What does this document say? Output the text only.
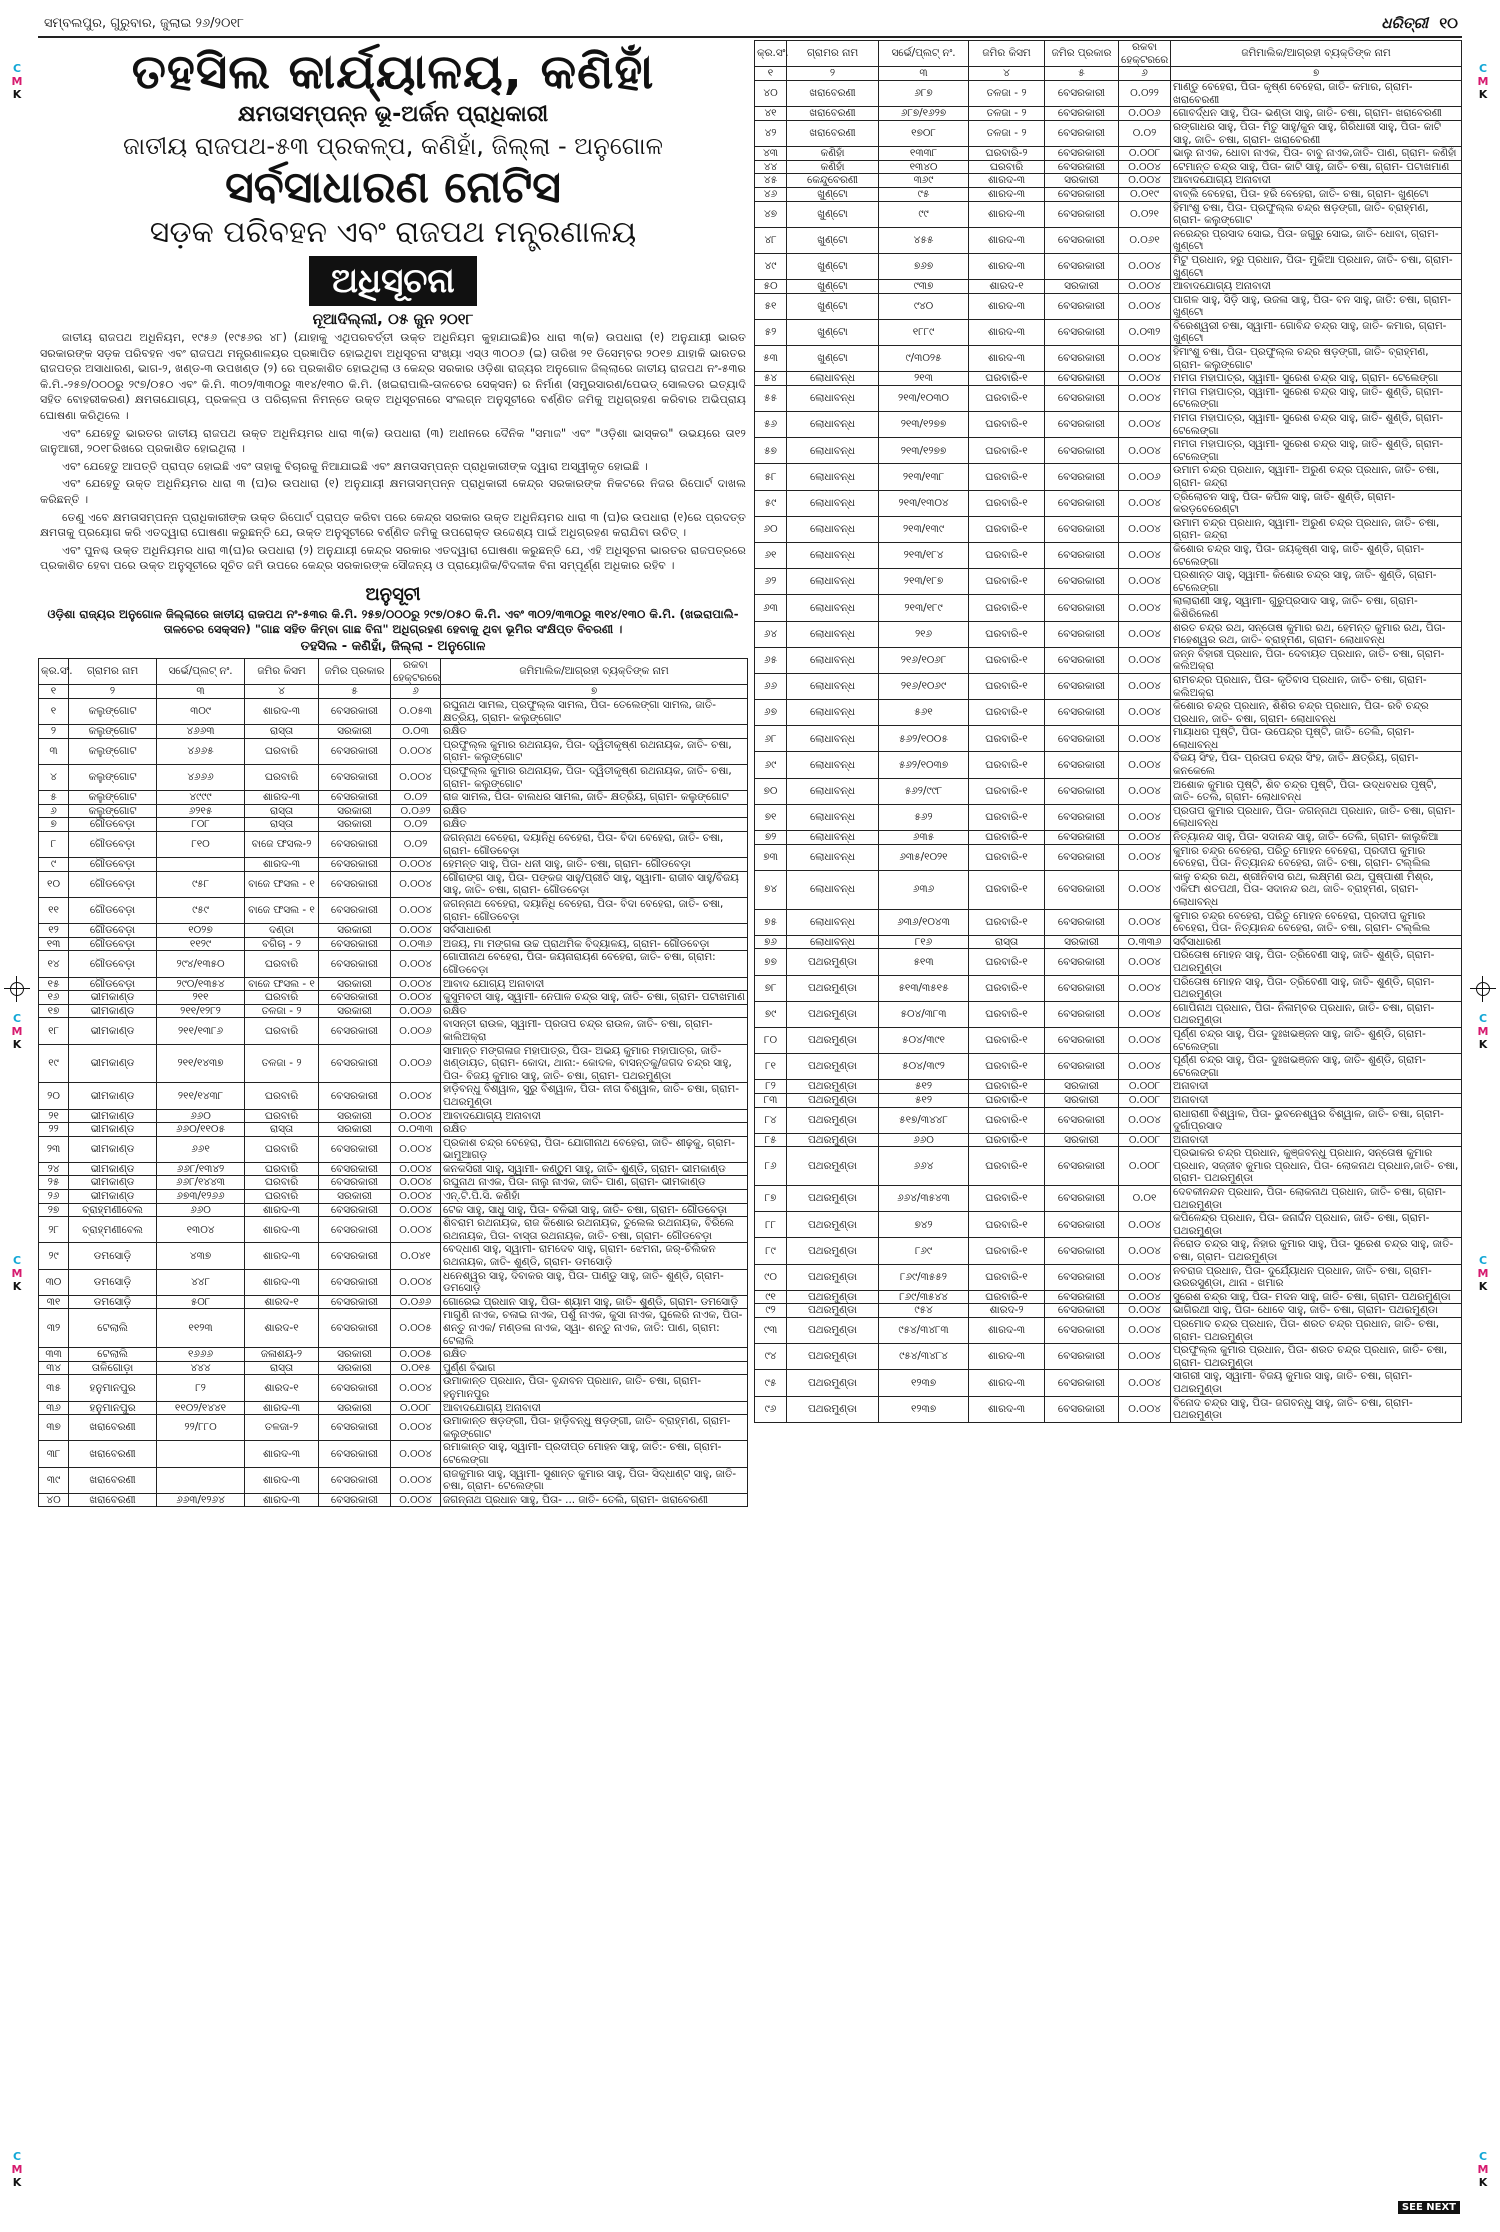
ସମ୍ବଲପୁର, ଗୁରୁବାର, ଜୁଲାଇ ୨୬/୨୦୧୮	ଧରିତ୍ରୀ ୧୦
ତହସିଲ କାର୍ଯ୍ୟାଳୟ, କଣିହାଁ
କ୍ଷମତାସମ୍ପନ୍ନ ଭୂ-ଅର୍ଜନ ପ୍ରାଧିକାରୀ
ଜାତୀୟ ରାଜପଥ-୫୩ ପ୍ରକଳ୍ପ, କଣିହାଁ, ଜିଲ୍ଲା - ଅନୁଗୋଳ
ସର୍ବସାଧାରଣ ନୋଟିସ
ସଡ଼କ ପରିବହନ ଏବଂ ରାଜପଥ ମନ୍ତ୍ରଣାଳୟ
ଅଧିସୂଚନା
ନୂଆଦିଲ୍ଲୀ, ୦୫ ଜୁନ ୨୦୧୮

ଜାତୀୟ ରାଜପଥ ଅଧିନିୟମ, ୧୯୫୬ (୧୯୫୬ର ୪୮) (ଯାହାକୁ ଏଥିପରବର୍ତ୍ତୀ ଉକ୍ତ ଅଧିନିୟମ କୁହାଯାଇଛି)ର ଧାରା ୩(କ) ଉପଧାରା (୧) ଅନୁଯାୟୀ ଭାରତ ସରକାରଙ୍କ ସଡ଼କ ପରିବହନ ଏବଂ ରାଜପଥ ମନ୍ତ୍ରଣାଳୟର ପ୍ରଜ୍ଞାପିତ ହୋଇଥିବା ଅଧିସୂଚନା ସଂଖ୍ୟା ଏସ୍ଓ ୩୦୦୬ (ଇ) ତାରିଖ ୨୧ ଡିସେମ୍ବର ୨୦୧୭ ଯାହାକି ଭାରତର ରାଜପତ୍ର ଅସାଧାରଣ, ଭାଗ-୨, ଖଣ୍ଡ-୩ ଉପଖଣ୍ଡ (୨) ରେ ପ୍ରକାଶିତ ହୋଇଥିଲା ଓ କେନ୍ଦ୍ର ସରକାର ଓଡ଼ିଶା ରାଜ୍ୟର ଅନୁଗୋଳ ଜିଲ୍ଲାରେ ଜାତୀୟ ରାଜପଥ ନଂ-୫୩ର କି.ମି.-୨୫୭/୦୦୦ରୁ ୨୯୭/୦୫୦ ଏବଂ କି.ମି. ୩୦୨/୩୩୦ରୁ ୩୧୪/୧୩୦ କି.ମି. (ଖଇରାପାଲି-ତାଳଚେର ସେକ୍ସନ) ର ନିର୍ମାଣ (ସମ୍ପ୍ରସାରଣ/ପେଭଡ୍ ସୋଲଡର ଇତ୍ୟାଦି ସହିତ ବୋହରୀକରଣ) କ୍ଷମତାଯୋଗ୍ୟ, ପ୍ରକଳ୍ପ ଓ ପରିଚାଳନା ନିମନ୍ତେ ଉକ୍ତ ଅଧିସୂଚନାରେ ସଂଲଗ୍ନ ଅନୁସୂଚୀରେ ବର୍ଣ୍ଣିତ ଜମିକୁ ଅଧିଗ୍ରହଣ କରିବାର ଅଭିପ୍ରାୟ ଘୋଷଣା କରିଥିଲେ ।

ଏବଂ ଯେହେତୁ ଭାରତର ଜାତୀୟ ରାଜପଥ ଉକ୍ତ ଅଧିନିୟମର ଧାରା ୩(କ) ଉପଧାରା (୩) ଅଧୀନରେ ଦୈନିକ "ସମାଜ" ଏବଂ "ଓଡ଼ିଶା ଭାସ୍କର" ଉଭୟରେ ତା୧୨ ଜାନୁଆରୀ, ୨୦୧୮ରିଖରେ ପ୍ରକାଶିତ ହୋଇଥିଲା ।

ଏବଂ ଯେହେତୁ ଆପତ୍ତି ପ୍ରାପ୍ତ ହୋଇଛି ଏବଂ ତାହାକୁ ବିଚାରକୁ ନିଆଯାଇଛି ଏବଂ କ୍ଷମତାସମ୍ପନ୍ନ ପ୍ରାଧିକାରୀଙ୍କ ଦ୍ୱାରା ଅସ୍ୱୀକୃତ ହୋଇଛି ।

ଏବଂ ଯେହେତୁ ଉକ୍ତ ଅଧିନିୟମର ଧାରା ୩ (ଘ)ର ଉପଧାରା (୧) ଅନୁଯାୟୀ କ୍ଷମତାସମ୍ପନ୍ନ ପ୍ରାଧିକାରୀ କେନ୍ଦ୍ର ସରକାରଙ୍କ ନିକଟରେ ନିଜର ରିପୋର୍ଟ ଦାଖଲ କରିଛନ୍ତି ।

ତେଣୁ ଏବେ କ୍ଷମତାସମ୍ପନ୍ନ ପ୍ରାଧିକାରୀଙ୍କ ଉକ୍ତ ରିପୋର୍ଟ ପ୍ରାପ୍ତ କରିବା ପରେ କେନ୍ଦ୍ର ସରକାର ଉକ୍ତ ଅଧିନିୟମର ଧାରା ୩ (ଘ)ର ଉପଧାରା (୧)ରେ ପ୍ରଦତ୍ତ କ୍ଷମତାକୁ ପ୍ରୟୋଗ କରି ଏତଦ୍ୱାରା ଘୋଷଣା କରୁଛନ୍ତି ଯେ, ଉକ୍ତ ଅନୁସୂଚୀରେ ବର୍ଣ୍ଣିତ ଜମିକୁ ଉପରୋକ୍ତ ଉଦ୍ଦେଶ୍ୟ ପାଇଁ ଅଧିଗ୍ରହଣ କରାଯିବା ଉଚିତ୍ ।

ଏବଂ ପୁନଶ୍ଚ ଉକ୍ତ ଅଧିନିୟମର ଧାରା ୩(ଘ)ର ଉପଧାରା (୨) ଅନୁଯାୟୀ କେନ୍ଦ୍ର ସରକାର ଏତଦ୍ୱାରା ଘୋଷଣା କରୁଛନ୍ତି ଯେ, ଏହି ଅଧିସୂଚନା ଭାରତର ରାଜପତ୍ରରେ ପ୍ରକାଶିତ ହେବା ପରେ ଉକ୍ତ ଅନୁସୂଚୀରେ ସୂଚିତ ଜମି ଉପରେ କେନ୍ଦ୍ର ସରକାରଙ୍କ ସୌଜନ୍ୟ ଓ ପ୍ରାୟୋଜିକ/ବିଦଳୀକ ବିନା ସମ୍ପୂର୍ଣ୍ଣ ଅଧିକାର ରହିବ ।

ଅନୁସୂଚୀ
ଓଡ଼ିଶା ରାଜ୍ୟର ଅନୁଗୋଳ ଜିଲ୍ଲାରେ ଜାତୀୟ ରାଜପଥ ନଂ-୫୩ର କି.ମି. ୨୫୭/୦୦୦ରୁ ୨୯୭/୦୫୦ କି.ମି. ଏବଂ ୩୦୨/୩୩୦ରୁ ୩୧୪/୧୩୦ କି.ମି. (ଖଇରାପାଲି-ତାଳଚେର ସେକ୍ସନ) "ଗାଛ ସହିତ କିମ୍ବା ଗାଛ ବିନା" ଅଧିଗ୍ରହଣ ହେବାକୁ ଥିବା ଭୂମିର ସଂକ୍ଷିପ୍ତ ବିବରଣୀ ।
ତହସିଲ - କଣିହାଁ, ଜିଲ୍ଲା - ଅନୁଗୋଳ
କ୍ର.ସଂ.	ଗ୍ରାମର ନାମ	ସର୍ଭେ/ପ୍ଲଟ୍ ନଂ.	ଜମିର କିସମ	ଜମିର ପ୍ରକାର	ରକବା ହେକ୍ଟରରେ	ଜମିମାଲିକ/ଆଗ୍ରହୀ ବ୍ୟକ୍ତିଙ୍କ ନାମ
୧	୨	୩	୪	୫	୬	୭
୧	କଲୁଙ୍ଗୋଟ	୩୦୯	ଶାରଦ-୩	ବେସରକାରୀ	୦.୦୫୩	ରଘୁନାଥ ସାମଲ, ପ୍ରଫୁଲ୍ଲ ସାମଲ, ପିତା- ତେଲେଙ୍ଗା ସାମଲ, ଜାତି- କ୍ଷତ୍ରିୟ, ଗ୍ରାମ- କଲୁଙ୍ଗୋଟ
୨	କଲୁଙ୍ଗୋଟ	୪୬୬୩	ରାସ୍ତା	ସରକାରୀ	୦.୦୩	ରକ୍ଷିତ
୩	କଲୁଙ୍ଗୋଟ	୪୬୬୫	ଘରବାରି	ବେସରକାରୀ	୦.୦୦୪	ପ୍ରଫୁଲ୍ଲ କୁମାର ରଥନାୟକ, ପିତା- ଦ୍ୱିତୀକୃଷ୍ଣ ରଥନାୟକ, ଜାତି- ଚଷା, ଗ୍ରାମ- କଲୁଙ୍ଗୋଟ
୪	କଲୁଙ୍ଗୋଟ	୪୬୬୬	ଘରବାରି	ବେସରକାରୀ	୦.୦୦୪	ପ୍ରଫୁଲ୍ଲ କୁମାର ରଥନାୟକ, ପିତା- ଦ୍ୱିତୀକୃଷ୍ଣ ରଥନାୟକ, ଜାତି- ଚଷା, ଗ୍ରାମ- କଲୁଙ୍ଗୋଟ
୫	କଲୁଙ୍ଗୋଟ	୪୯୯୯	ଶାରଦ-୩	ବେସରକାରୀ	୦.୦୨	ରାଜ ସାମଲ, ପିତା- ବାଲଧର ସାମଲ, ଜାତି- କ୍ଷତ୍ରିୟ, ଗ୍ରାମ- କଲୁଙ୍ଗୋଟ
୬	କଲୁଙ୍ଗୋଟ	୬୨୧୫	ରାସ୍ତା	ସରକାରୀ	୦.୦୬୨	ରକ୍ଷିତ
୭	ଗୌଡବେଡ଼ା	୮୦୮	ରାସ୍ତା	ସରକାରୀ	୦.୦୨	ରକ୍ଷିତ
୮	ଗୌଡବେଡ଼ା	୮୧୦	ବାଜେ ଫସଲ-୨	ବେସରକାରୀ	୦.୦୨	ଜଗନ୍ନାଥ ବେହେରା, ଦୟାନିଧି ବେହେରା, ପିତା- ବିଦା ବେହେରା, ଜାତି- ଚଷା, ଗ୍ରାମ- ଗୌଡବେଡ଼ା
୯	ଗୌଡବେଡ଼ା		ଶାରଦ-୩	ବେସରକାରୀ	୦.୦୦୪	ହେମନ୍ତ ସାହୁ, ପିତା- ଧନୀ ସାହୁ, ଜାତି- ଚଷା, ଗ୍ରାମ- ଗୌଡବେଡ଼ା
୧୦	ଗୌଡବେଡ଼ା	୯୫୮	ବାଜେ ଫସଲ - ୧	ବେସରକାରୀ	୦.୦୦୪	ଗୌରାଙ୍ଗ ସାହୁ, ପିତା- ପଙ୍କଜ ସାହୁ/ପ୍ରୀତି ସାହୁ, ସ୍ୱାମୀ- ରାଜୀବ ସାହୁ/ବିଜୟ ସାହୁ, ଜାତି- ଚଷା, ଗ୍ରାମ- ଗୌଡବେଡ଼ା
୧୧	ଗୌଡବେଡ଼ା	୯୫୯	ବାଜେ ଫସଲ - ୧	ବେସରକାରୀ	୦.୦୦୪	ଜଗନ୍ନାଥ ବେହେରା, ଦୟାନିଧି ବେହେରା, ପିତା- ବିଦା ବେହେରା, ଜାତି- ଚଷା, ଗ୍ରାମ- ଗୌଡବେଡ଼ା
୧୨	ଗୌଡବେଡ଼ା	୧୦୨୭	ଦଣ୍ଡା	ସରକାରୀ	୦.୦୦୪	ସର୍ବସାଧାରଣ
୧୩	ଗୌଡବେଡ଼ା	୧୧୨୯	ବଗିଚା - ୨	ବେସରକାରୀ	୦.୦୩୬	ଅଜୟ, ମା ମଙ୍ଗଳା ଉଚ୍ଚ ପ୍ରାଥମିକ ବିଦ୍ୟାଳୟ, ଗ୍ରାମ- ଗୌଡବେଡ଼ା
୧୪	ଗୌଡବେଡ଼ା	୨୯୪/୧୩୫୦	ଘରବାରି	ବେସରକାରୀ	୦.୦୦୪	ଗୋପୀନାଥ ବେହେରା, ପିତା- ଜୟନାରାୟଣ ବେହେରା, ଜାତି- ଚଷା, ଗ୍ରାମ: ଗୌଡବେଡ଼ା
୧୫	ଗୌଡବେଡ଼ା	୨୯୦/୧୩୫୪	ବାଜେ ଫସଲ - ୧	ସରକାରୀ	୦.୦୦୪	ଆବାଦ ଯୋଗ୍ୟ ଅନାବାଦୀ
୧୬	ଭୀମକାଣ୍ଡ	୨୧୧	ଘରବାରି	ବେସରକାରୀ	୦.୦୦୪	କୁସୁମବତୀ ସାହୁ, ସ୍ୱାମୀ- ନେପାଳ ଚନ୍ଦ୍ର ସାହୁ, ଜାତି- ଚଷା, ଗ୍ରାମ- ପଟାଖମାଣ
୧୭	ଭୀମକାଣ୍ଡ	୨୧୧/୧୨୮୨	ତଳଜା - ୨	ସରକାରୀ	୦.୦୦୬	ରକ୍ଷିତ
୧୮	ଭୀମକାଣ୍ଡ	୨୧୧/୧୩୮୬	ଘରବାରି	ବେସରକାରୀ	୦.୦୦୬	ବାସନ୍ତୀ ରାଉଳ, ସ୍ୱାମୀ- ପ୍ରତାପ ଚନ୍ଦ୍ର ରାଉଳ, ଜାତି- ଚଷା, ଗ୍ରାମ- କାଲିଅକ୍ରା
୧୯	ଭୀମକାଣ୍ଡ	୨୧୧/୧୪୩୭	ତଳଜା - ୨	ବେସରକାରୀ	୦.୦୦୬	ସାମାନ୍ତ ମଙ୍ଗଳାଜ ମହାପାତ୍ର, ପିତା- ଅଭୟ କୁମାର ମହାପାତ୍ର, ଜାତି- ଖଣ୍ଡାୟତ, ଗ୍ରାମ- କୋଦା, ଥାନା:- କୋଦଳ, ବାସନ୍ତକୁ/ଜଗଦ ଚନ୍ଦ୍ର ସାହୁ, ପିତା- ବିଜୟ କୁମାର ସାହୁ, ଜାତି- ଚଷା, ଗ୍ରାମ- ପଥରମୁଣ୍ଡା
୨୦	ଭୀମକାଣ୍ଡ	୨୧୧/୧୪୩୮	ଘରବାରି	ବେସରକାରୀ	୦.୦୦୪	ହାଡ଼ିବନ୍ଧୁ ବିଶ୍ୱାଳ, ସୁରୁ ବିଶ୍ୱାଳ, ପିତା- ନୀତା ବିଶ୍ୱାଳ, ଜାତି- ଚଷା, ଗ୍ରାମ- ପଥରମୁଣ୍ଡା
୨୧	ଭୀମକାଣ୍ଡ	୬୬୦	ଘରବାରି	ସରକାରୀ	୦.୦୦୪	ଆବାଦଯୋଗ୍ୟ ଅନାବାଦୀ
୨୨	ଭୀମକାଣ୍ଡ	୬୬୦/୧୧୦୫	ରାସ୍ତା	ସରକାରୀ	୦.୦୩୩	ରକ୍ଷିତ
୨୩	ଭୀମକାଣ୍ଡ	୬୬୧	ଘରବାରି	ବେସରକାରୀ	୦.୦୦୪	ପ୍ରକାଶ ଚନ୍ଦ୍ର ବେହେରା, ପିତା- ଯୋଗୀନାଥ ବେହେରା, ଜାତି- ଶୀଢ଼କୁ, ଗ୍ରାମ- ଭାମୁଆଗଡ଼
୨୪	ଭୀମକାଣ୍ଡ	୬୬୮/୧୩୪୨	ଘରବାରି	ବେସରକାରୀ	୦.୦୦୪	କନକସିରୀ ସାହୁ, ସ୍ୱାମୀ- କଣ୍ଠୁମ ସାହୁ, ଜାତି- ଶୁଣ୍ଡି, ଗ୍ରାମ- ଭୀମକାଣ୍ଡ
୨୫	ଭୀମକାଣ୍ଡ	୬୬୮/୧୪୪୩	ଘରବାରି	ବେସରକାରୀ	୦.୦୦୪	ରଘୁନାଥ ନାଏକ, ପିତା- ନାଲୁ ନାଏକ, ଜାତି- ପାଣ, ଗ୍ରାମ- ଭୀମକାଣ୍ଡ
୨୬	ଭୀମକାଣ୍ଡ	୬୭୩/୧୨୬୬	ଘରବାରି	ସରକାରୀ	୦.୦୦୪	ଏନ୍.ଟି.ପି.ସି. କଣିହାଁ
୨୭	ବ୍ରାହ୍ମଣୀବେଲ	୬୬୦	ଶାରଦ-୩	ବେସରକାରୀ	୦.୦୦୪	ଟେକ ସାହୁ, ସାଧୁ ସାହୁ, ପିତା- ବଳିଭୀ ସାହୁ, ଜାତି- ଚଷା, ଗ୍ରାମ- ଗୌଡବେଡ଼ା
୨୮	ବ୍ରାହ୍ମଣୀବେଲ	୧୩୦୪	ଶାରଦ-୩	ବେସରକାରୀ	୦.୦୦୪	ଶିବରାମ ରଥନାୟକ, ରାଜ କିଶୋର ରଥନାୟକ, ତୁଲେଲ ରଥନାୟକ, ବିରିଲେ ରଥନାୟକ, ପିତା- ବାସ୍ତା ରଥନାୟକ, ଜାତି- ଚଷା, ଗ୍ରାମ- ଗୌଡବେଡ଼ା
୨୯	ଡମସୋଡ଼ି	୪୩୭	ଶାରଦ-୩	ବେସରକାରୀ	୦.୦୪୧	ବେଦ୍ଧାଣ ସାହୁ, ସ୍ୱାମୀ- ରାମଦେବ ସାହୁ, ଗ୍ରାମ- ଝେମନା, ଜର୍-ଚିଲିକନ ରଥନାୟକ, ଜାତି- ଶୁଣ୍ଡି, ଗ୍ରାମ- ଡମସୋଡ଼ି
୩୦	ଡମସୋଡ଼ି	୪୪୮	ଶାରଦ-୩	ବେସରକାରୀ	୦.୦୦୪	ଧନେଶ୍ୱର ସାହୁ, ଦିବାକର ସାହୁ, ପିତା- ପାଣ୍ଡୁ ସାହୁ, ଜାତି- ଶୁଣ୍ଡି, ଗ୍ରାମ- ଡମସୋଡ଼ି
୩୧	ଡମସୋଡ଼ି	୫୦୮	ଶାରଦ-୧	ବେସରକାରୀ	୦.୦୬୬	ଗୋରେଇ ପ୍ରଧାନ ସାହୁ, ପିତା- ଶ୍ୟାମ ସାହୁ, ଜାତି- ଶୁଣ୍ଡି, ଗ୍ରାମ- ଡମସୋଡ଼ି
୩୨	ଟେଲାଲି	୧୧୨୩	ଶାରଦ-୧	ବେସରକାରୀ	୦.୦୦୫	ମାଗୁଣି ନାଏକ, ଚଳାଇ ନାଏକ, ପର୍ଶୁ ନାଏକ, କୁସା ନାଏକ, ଘୁଲେରି ନାଏକ, ପିତା- ଶନ୍ତୁ ନାଏକ/ ମଣ୍ଡଳା ନାଏକ, ସ୍ୱା- ଶନ୍ତୁ ନାଏକ, ଜାତି: ପାଣ, ଗ୍ରାମ: ଟେଲାଲି
୩୩	ଟେଲାଲି	୧୬୬୬	ଜଳାଶୟ-୨	ସରକାରୀ	୦.୦୦୫	ରକ୍ଷିତ
୩୪	ତାଳିଗୋଡ଼ା	୪୪୪	ରାସ୍ତା	ସରକାରୀ	୦.୦୧୫	ପୁର୍ଣ୍ଣ ବିଭାଗ
୩୫	ହନୁମାନପୁର	୮୨	ଶାରଦ-୧	ବେସରକାରୀ	୦.୦୦୪	ଉମାକାନ୍ତ ପ୍ରଧାନ, ପିତା- ବୃନ୍ଦାବନ ପ୍ରଧାନ, ଜାତି- ଚଷା, ଗ୍ରାମ- ହନୁମାନପୁର
୩୬	ହନୁମାନପୁର	୧୧୦୨/୧୪୪୧	ଶାରଦ-୩	ସରକାରୀ	୦.୦୦୮	ଆବାଦଯୋଗ୍ୟ ଅନାବାଦୀ
୩୭	ଖରାବେରଣୀ	୨୨/୮୮୦	ତଳଜା-୨	ବେସରକାରୀ	୦.୦୦୪	ଉମାକାନ୍ତ ଷଡ଼ଙ୍ଗୀ, ପିତା- ହାଡ଼ିବନ୍ଧୁ ଷଡ଼ଙ୍ଗୀ, ଜାତି- ବ୍ରାହ୍ମଣ, ଗ୍ରାମ- କଲୁଙ୍ଗୋଟ
୩୮	ଖରାବେରଣୀ		ଶାରଦ-୩	ବେସରକାରୀ	୦.୦୦୪	ରମାକାନ୍ତ ସାହୁ, ସ୍ୱାମୀ- ପ୍ରଦୀପ୍ତ ମୋହନ ସାହୁ, ଜାତି:- ଚଷା, ଗ୍ରାମ- ଟେଲେଙ୍ଗା
୩୯	ଖରାବେରଣୀ		ଶାରଦ-୩	ବେସରକାରୀ	୦.୦୦୪	ରାଜକୁମାର ସାହୁ, ସ୍ୱାମୀ- ସୁଶାନ୍ତ କୁମାର ସାହୁ, ପିତା- ସିଦ୍ଧାଣ୍ଟ ସାହୁ, ଜାତି- ଚଷା, ଗ୍ରାମ- ଟେଲେଙ୍ଗା
୪୦	ଖରାବେରଣୀ	୬୬୩/୧୨୬୪	ଶାରଦ-୩	ବେସରକାରୀ	୦.୦୦୪	ଜଗନ୍ନାଥ ପ୍ରଧାନ ସାହୁ, ପିତା- ... ଜାତି- ତେଲି, ଗ୍ରାମ- ଖରାବେରଣୀ
କ୍ର.ସଂ.	ଗ୍ରାମର ନାମ	ସର୍ଭେ/ପ୍ଲଟ୍ ନଂ.	ଜମିର କିସମ	ଜମିର ପ୍ରକାର	ରକବା ହେକ୍ଟରରେ	ଜମିମାଲିକ/ଆଗ୍ରହୀ ବ୍ୟକ୍ତିଙ୍କ ନାମ
୧	୨	୩	୪	୫	୬	୭
୪୦	ଖରାବେରଣୀ	୬୮୭	ତଳଜା - ୨	ବେସରକାରୀ	୦.୦୨୨	ମାଣ୍ଡୁ ବେହେରା, ପିତା- କୃଷ୍ଣ ବେହେରା, ଜାତି- କମାର, ଗ୍ରାମ- ଖରାବେରଣୀ
୪୧	ଖରାବେରଣୀ	୬୮୭/୧୬୨୭	ତଳଜା - ୨	ବେସରକାରୀ	୦.୦୦୬	ଗୋବର୍ଦ୍ଧନ ସାହୁ, ପିତା- ଭଣ୍ଡା ସାହୁ, ଜାତି- ଚଷା, ଗ୍ରାମ- ଖରାବେରଣୀ
୪୨	ଖରାବେରଣୀ	୧୭୦୮	ତଳଜା - ୨	ବେସରକାରୀ	୦.୦୨	ରଙ୍ଗାଧର ସାହୁ, ପିତା- ମିତୁ ସାହୁ/କୁନ ସାହୁ, ଗିରିଧାରୀ ସାହୁ, ପିତା- କାଟି ସାହୁ, ଜାତି- ଚଷା, ଗ୍ରାମ- ଖରାବେରଣୀ
୪୩	କଣିହାଁ	୧୩୩୮	ଘରବାରି-୨	ବେସରକାରୀ	୦.୦୦୮	ଭାଲୁ ନାଏକ, ଧୋବା ନାଏକ, ପିତା- ବାବୁ ନାଏକ,ଜାତି- ପାଣ, ଗ୍ରାମ- କଣିହାଁ
୪୪	କଣିହାଁ	୧୩୪୦	ଘରବାରି	ବେସରକାରୀ	୦.୦୦୪	ଟେମାନ୍ତ ଚନ୍ଦ୍ର ସାହୁ, ପିତା- କାଟି ସାହୁ, ଜାତି- ଚଷା, ଗ୍ରାମ- ପଟାଖମାଣ
୪୫	କେନ୍ଦୁବେରଣୀ	୩୬୯	ଶାରଦ-୩	ସରକାରୀ	୦.୦୦୪	ଆବାଦଯୋଗ୍ୟ ଅନାବାଦୀ
୪୬	ଖୁଣ୍ଟୋ	୯୫	ଶାରଦ-୩	ବେସରକାରୀ	୦.୦୧୯	ବାବ୍ଲି ବେହେରା, ପିତା- ହରି ବେହେରା, ଜାତି- ଚଷା, ଗ୍ରାମ- ଖୁଣ୍ଟୋ
୪୭	ଖୁଣ୍ଟୋ	୯୯	ଶାରଦ-୩	ବେସରକାରୀ	୦.୦୨୧	ହିମାଂଶୁ ଚଷା, ପିତା- ପ୍ରଫୁଲ୍ଲ ଚନ୍ଦ୍ର ଷଡ଼ଙ୍ଗୀ, ଜାତି- ବ୍ରାହ୍ମଣ, ଗ୍ରାମ- କଲୁଙ୍ଗୋଟ
୪୮	ଖୁଣ୍ଟୋ	୪୫୫	ଶାରଦ-୩	ବେସରକାରୀ	୦.୦୬୧	ନରେନ୍ଦ୍ର ପ୍ରସାଦ ସୋଇ, ପିତା- ଜଗୁରୁ ସୋଇ, ଜାତି- ଧୋବା, ଗ୍ରାମ- ଖୁଣ୍ଟୋ
୪୯	ଖୁଣ୍ଟୋ	୭୬୭	ଶାରଦ-୩	ବେସରକାରୀ	୦.୦୦୪	ମିଟୁ ପ୍ରଧାନ, ହରୁ ପ୍ରଧାନ, ପିତା- ମୁକିଆ ପ୍ରଧାନ, ଜାତି- ଚଷା, ଗ୍ରାମ- ଖୁଣ୍ଟୋ
୫୦	ଖୁଣ୍ଟୋ	୯୩୭	ଶାରଦ-୧	ସରକାରୀ	୦.୦୦୪	ଆବାଦଯୋଗ୍ୟ ଅନାବାଦୀ
୫୧	ଖୁଣ୍ଟୋ	୯୪୦	ଶାରଦ-୩	ବେସରକାରୀ	୦.୦୦୪	ପାଗଳ ସାହୁ, ସିଡ଼ି ସାହୁ, ଉଜଳା ସାହୁ, ପିତା- ବନ ସାହୁ, ଜାତି: ଚଷା, ଗ୍ରାମ- ଖୁଣ୍ଟୋ
୫୨	ଖୁଣ୍ଟୋ	୧୮୮୯	ଶାରଦ-୩	ବେସରକାରୀ	୦.୦୩୨	ବିରେଶ୍ୱରୀ ଚଷା, ସ୍ୱାମୀ- ଗୋବିନ୍ଦ ଚନ୍ଦ୍ର ସାହୁ, ଜାତି- କମାର, ଗ୍ରାମ- ଖୁଣ୍ଟୋ
୫୩	ଖୁଣ୍ଟୋ	୯/୩୦୨୫	ଶାରଦ-୩	ବେସରକାରୀ	୦.୦୦୪	ହିମାଂଶୁ ଚଷା, ପିତା- ପ୍ରଫୁଲ୍ଲ ଚନ୍ଦ୍ର ଷଡ଼ଙ୍ଗୀ, ଜାତି- ବ୍ରାହ୍ମଣ, ଗ୍ରାମ- କଲୁଙ୍ଗୋଟ
୫୪	ଲୋଧାବନ୍ଧ	୨୧୩	ଘରବାରି-୧	ବେସରକାରୀ	୦.୦୦୪	ମମତା ମହାପାତ୍ର, ସ୍ୱାମୀ- ସୁରେଶ ଚନ୍ଦ୍ର ସାହୁ, ଗ୍ରାମ- ଟେଲେଙ୍ଗା
୫୫	ଲୋଧାବନ୍ଧ	୨୧୩/୧୦୩୦	ଘରବାରି-୧	ବେସରକାରୀ	୦.୦୦୪	ମମତା ମହାପାତ୍ର, ସ୍ୱାମୀ- ସୁରେଶ ଚନ୍ଦ୍ର ସାହୁ, ଜାତି- ଶୁଣ୍ଡି, ଗ୍ରାମ- ଟେଲେଙ୍ଗା
୫୬	ଲୋଧାବନ୍ଧ	୨୧୩/୧୨୭୭	ଘରବାରି-୧	ବେସରକାରୀ	୦.୦୦୪	ମମତା ମହାପାତ୍ର, ସ୍ୱାମୀ- ସୁରେଶ ଚନ୍ଦ୍ର ସାହୁ, ଜାତି- ଶୁଣ୍ଡି, ଗ୍ରାମ- ଟେଲେଙ୍ଗା
୫୭	ଲୋଧାବନ୍ଧ	୨୧୩/୧୨୭୭	ଘରବାରି-୧	ବେସରକାରୀ	୦.୦୦୪	ମମତା ମହାପାତ୍ର, ସ୍ୱାମୀ- ସୁରେଶ ଚନ୍ଦ୍ର ସାହୁ, ଜାତି- ଶୁଣ୍ଡି, ଗ୍ରାମ- ଟେଲେଙ୍ଗା
୫୮	ଲୋଧାବନ୍ଧ	୨୧୩/୧୩୮	ଘରବାରି-୧	ବେସରକାରୀ	୦.୦୦୬	ଉମାମ ଚନ୍ଦ୍ର ପ୍ରଧାନ, ସ୍ୱାମୀ- ଅରୁଣ ଚନ୍ଦ୍ର ପ୍ରଧାନ, ଜାତି- ଚଷା, ଗ୍ରାମ- ଜନ୍ଦ୍ରା
୫୯	ଲୋଧାବନ୍ଧ	୨୧୩/୧୩୦୪	ଘରବାରି-୧	ବେସରକାରୀ	୦.୦୦୪	ତ୍ରିଲୋଚନ ସାହୁ, ପିତା- କପିଳ ସାହୁ, ଜାତି- ଶୁଣ୍ଡି, ଗ୍ରାମ- କରଡ଼ବେରେଣ୍ଟା
୬୦	ଲୋଧାବନ୍ଧ	୨୧୩/୧୩୯	ଘରବାରି-୧	ବେସରକାରୀ	୦.୦୦୪	ଉମାମ ଚନ୍ଦ୍ର ପ୍ରଧାନ, ସ୍ୱାମୀ- ଅରୁଣ ଚନ୍ଦ୍ର ପ୍ରଧାନ, ଜାତି- ଚଷା, ଗ୍ରାମ- ଜନ୍ଦ୍ରା
୬୧	ଲୋଧାବନ୍ଧ	୨୧୩/୧୮୪	ଘରବାରି-୧	ବେସରକାରୀ	୦.୦୦୪	କିଶୋର ଚନ୍ଦ୍ର ସାହୁ, ପିତା- ଜୟକୃଷ୍ଣ ସାହୁ, ଜାତି- ଶୁଣ୍ଡି, ଗ୍ରାମ- ଟେଲେଙ୍ଗା
୬୨	ଲୋଧାବନ୍ଧ	୨୧୩/୧୮୭	ଘରବାରି-୧	ବେସରକାରୀ	୦.୦୦୪	ପ୍ରଶାନ୍ତ ସାହୁ, ସ୍ୱାମୀ- କିଶୋର ଚନ୍ଦ୍ର ସାହୁ, ଜାତି- ଶୁଣ୍ଡି, ଗ୍ରାମ- ଟେଲେଙ୍ଗା
୬୩	ଲୋଧାବନ୍ଧ	୨୧୩/୧୮୯	ଘରବାରି-୧	ବେସରକାରୀ	୦.୦୦୪	ଲାଲାରାଣୀ ସାହୁ, ସ୍ୱାମୀ- ଗୁରୁପ୍ରସାଦ ସାହୁ, ଜାତି- ଚଷା, ଗ୍ରାମ- କିଶିରିଲେଣ
୬୪	ଲୋଧାବନ୍ଧ	୨୧୬	ଘରବାରି-୧	ବେସରକାରୀ	୦.୦୦୪	ଶରତ ଚନ୍ଦ୍ର ରଥ, ସନ୍ତୋଷ କୁମାର ରଥ, ହେମନ୍ତ କୁମାର ରଥ, ପିତା- ମହେଶ୍ୱର ରଥ, ଜାତି- ବ୍ରାହ୍ମଣ, ଗ୍ରାମ- ଲୋଧାବନ୍ଧ
୬୫	ଲୋଧାବନ୍ଧ	୨୧୬/୧୦୬୮	ଘରବାରି-୧	ବେସରକାରୀ	୦.୦୦୪	ଜନ୍ନ ବିହାରୀ ପ୍ରଧାନ, ପିତା- ଦେବାୟତ ପ୍ରଧାନ, ଜାତି- ଚଷା, ଗ୍ରାମ- କଲିଅକ୍ରା
୬୬	ଲୋଧାବନ୍ଧ	୨୧୬/୧୦୬୯	ଘରବାରି-୧	ବେସରକାରୀ	୦.୦୦୪	ରାମଚନ୍ଦ୍ର ପ୍ରଧାନ, ପିତା- କୃତିବାସ ପ୍ରଧାନ, ଜାତି- ଚଷା, ଗ୍ରାମ- କଲିଅକ୍ରା
୬୭	ଲୋଧାବନ୍ଧ	୫୬୧	ଘରବାରି-୧	ବେସରକାରୀ	୦.୦୦୪	କିଶୋର ଚନ୍ଦ୍ର ପ୍ରଧାନ, ଶିଶିର ଚନ୍ଦ୍ର ପ୍ରଧାନ, ପିତା- ରବି ଚନ୍ଦ୍ର ପ୍ରଧାନ, ଜାତି- ଚଷା, ଗ୍ରାମ- ଲୋଧାବନ୍ଧ
୬୮	ଲୋଧାବନ୍ଧ	୫୬୨/୧୦୦୫	ଘରବାରି-୧	ବେସରକାରୀ	୦.୦୦୪	ମାୟାଧର ପୃଷ୍ଟି, ପିତା- ଉପେନ୍ଦ୍ର ପୃଷ୍ଟି, ଜାତି- ତେଲି, ଗ୍ରାମ- ଲୋଧାବନ୍ଧ
୬୯	ଲୋଧାବନ୍ଧ	୫୬୨/୧୦୩୭	ଘରବାରି-୧	ବେସରକାରୀ	୦.୦୦୪	ବିଜୟ ସିଂହ, ପିତା- ପ୍ରତାପ ଚନ୍ଦ୍ର ସିଂହ, ଜାତି- କ୍ଷତ୍ରିୟ, ଗ୍ରାମ- କନକେଲେ
୭୦	ଲୋଧାବନ୍ଧ	୫୬୨/୯୯୮	ଘରବାରି-୧	ବେସରକାରୀ	୦.୦୦୪	ଅଶୋକ କୁମାର ପୃଷ୍ଟି, ଶିବ ଚନ୍ଦ୍ର ପୃଷ୍ଟି, ପିତା- ଉଦ୍ଧବଧର ପୃଷ୍ଟି, ଜାତି- ତେଲି, ଗ୍ରାମ- ଲୋଧାବନ୍ଧ
୭୧	ଲୋଧାବନ୍ଧ	୫୬୨	ଘରବାରି-୧	ବେସରକାରୀ	୦.୦୦୪	ପ୍ରତାପ କୁମାର ପ୍ରଧାନ, ପିତା- ଜଗନ୍ନାଥ ପ୍ରଧାନ, ଜାତି- ଚଷା, ଗ୍ରାମ- ଲୋଧାବନ୍ଧ
୭୨	ଲୋଧାବନ୍ଧ	୬୩୫	ଘରବାରି-୧	ବେସରକାରୀ	୦.୦୦୪	ନିତ୍ୟାନନ୍ଦ ସାହୁ, ପିତା- ସଦାନନ୍ଦ ସାହୁ, ଜାତି- ତେଲି, ଗ୍ରାମ- କାଲୁକିଆ
୭୩	ଲୋଧାବନ୍ଧ	୬୩୫/୧୦୨୧	ଘରବାରି-୧	ବେସରକାରୀ	୦.୦୦୪	କୁମାର ଚନ୍ଦ୍ର ବେହେରା, ପରିତୁ ମୋହନ ବେହେରା, ପ୍ରଦୀପ କୁମାର ବେହେରା, ପିତା- ନିତ୍ୟାନନ୍ଦ ବେହେରା, ଜାତି- ଚଷା, ଗ୍ରାମ- ଟଲ୍ଲିଲ
୭୪	ଲୋଧାବନ୍ଧ	୬୩୬	ଘରବାରି-୧	ବେସରକାରୀ	୦.୦୦୪	କାଳୁ ଚନ୍ଦ୍ର ରଥ, ଶ୍ରୀନିବାସ ରଥ, ଲକ୍ଷ୍ମଣ ରଥ, ପୁଷ୍ପାଶୀ ମିଶ୍ର, ଏକିଫା ଶତପଥୀ, ପିତା- ସଦାନନ୍ଦ ରଥ, ଜାତି- ବ୍ରାହ୍ମଣ, ଗ୍ରାମ- ଲୋଧାବନ୍ଧ
୭୫	ଲୋଧାବନ୍ଧ	୬୩୬/୧୦୪୩	ଘରବାରି-୧	ବେସରକାରୀ	୦.୦୦୪	କୁମାର ଚନ୍ଦ୍ର ବେହେରା, ପରିତୁ ମୋହନ ବେହେରା, ପ୍ରଦୀପ କୁମାର ବେହେରା, ପିତା- ନିତ୍ୟାନନ୍ଦ ବେହେରା, ଜାତି- ଚଷା, ଗ୍ରାମ- ଟଲ୍ଲିଲ
୭୬	ଲୋଧାବନ୍ଧ	୮୧୬	ରାସ୍ତା	ସରକାରୀ	୦.୩୩୬	ସର୍ବସାଧାରଣ
୭୭	ପଥରମୁଣ୍ଡା	୫୧୩	ଘରବାରି-୧	ବେସରକାରୀ	୦.୦୦୪	ପରିତୋଷ ମୋହନ ସାହୁ, ପିତା- ତ୍ରିବେଣୀ ସାହୁ, ଜାତି- ଶୁଣ୍ଡି, ଗ୍ରାମ- ପଥରମୁଣ୍ଡା
୭୮	ପଥରମୁଣ୍ଡା	୫୧୩/୩୫୧୫	ଘରବାରି-୧	ବେସରକାରୀ	୦.୦୦୪	ପରିତୋଷ ମୋହନ ସାହୁ, ପିତା- ତ୍ରିବେଣୀ ସାହୁ, ଜାତି- ଶୁଣ୍ଡି, ଗ୍ରାମ- ପଥରମୁଣ୍ଡା
୭୯	ପଥରମୁଣ୍ଡା	୫୦୪/୩୮୩	ଘରବାରି-୧	ବେସରକାରୀ	୦.୦୦୪	ଗୋପିନାଥ ପ୍ରଧାନ, ପିତା- ନିଳାମ୍ବର ପ୍ରଧାନ, ଜାତି- ଚଷା, ଗ୍ରାମ- ପଥରମୁଣ୍ଡା
୮୦	ପଥରମୁଣ୍ଡା	୫୦୪/୩୯୧	ଘରବାରି-୧	ବେସରକାରୀ	୦.୦୦୪	ପୂର୍ଣ୍ଣ ଚନ୍ଦ୍ର ସାହୁ, ପିତା- ଦୁଃଖଭଞ୍ଜନ ସାହୁ, ଜାତି- ଶୁଣ୍ଡି, ଗ୍ରାମ- ଟେଲେଙ୍ଗା
୮୧	ପଥରମୁଣ୍ଡା	୫୦୪/୩୯୨	ଘରବାରି-୧	ବେସରକାରୀ	୦.୦୦୪	ପୂର୍ଣ୍ଣ ଚନ୍ଦ୍ର ସାହୁ, ପିତା- ଦୁଃଖଭଞ୍ଜନ ସାହୁ, ଜାତି- ଶୁଣ୍ଡି, ଗ୍ରାମ- ଟେଲେଙ୍ଗା
୮୨	ପଥରମୁଣ୍ଡା	୫୧୨	ଘରବାରି-୧	ସରକାରୀ	୦.୦୦୮	ଅନାବାଦୀ
୮୩	ପଥରମୁଣ୍ଡା	୫୧୨	ଘରବାରି-୧	ସରକାରୀ	୦.୦୦୮	ଅନାବାଦୀ
୮୪	ପଥରମୁଣ୍ଡା	୫୧୭/୩୪୪୮	ଘରବାରି-୧	ବେସରକାରୀ	୦.୦୦୪	ରାଧାରାଣୀ ବିଶ୍ୱାଳ, ପିତା- ଭୁବନେଶ୍ୱର ବିଶ୍ୱାଳ, ଜାତି- ଚଷା, ଗ୍ରାମ- ଦୁର୍ଗାପ୍ରସାଦ
୮୫	ପଥରମୁଣ୍ଡା	୬୬୦	ଘରବାରି-୧	ସରକାରୀ	୦.୦୦୮	ଅନାବାଦୀ
୮୬	ପଥରମୁଣ୍ଡା	୬୬୪	ଘରବାରି-୧	ବେସରକାରୀ	୦.୦୦୮	ପ୍ରଭାକର ଚନ୍ଦ୍ର ପ୍ରଧାନ, କୁଞ୍ଜବନ୍ଧୁ ପ୍ରଧାନ, ସନ୍ତୋଷ କୁମାର ପ୍ରଧାନ, ସଜ୍ଜୀବ କୁମାର ପ୍ରଧାନ, ପିତା- ଲୋକନାଥ ପ୍ରଧାନ,ଜାତି- ଚଷା, ଗ୍ରାମ- ପଥରମୁଣ୍ଡା
୮୭	ପଥରମୁଣ୍ଡା	୬୬୪/୩୫୪୩	ଘରବାରି-୧	ବେସରକାରୀ	୦.୦୧	ଦେବକୀନନ୍ଦନ ପ୍ରଧାନ, ପିତା- ଲୋକନାଥ ପ୍ରଧାନ, ଜାତି- ଚଷା, ଗ୍ରାମ- ପଥରମୁଣ୍ଡା
୮୮	ପଥରମୁଣ୍ଡା	୭୪୨	ଘରବାରି-୧	ବେସରକାରୀ	୦.୦୦୪	କପିଳେନ୍ଦ୍ର ପ୍ରଧାନ, ପିତା- ଜନାର୍ଦ୍ଦନ ପ୍ରଧାନ, ଜାତି- ଚଷା, ଗ୍ରାମ- ପଥରମୁଣ୍ଡା
୮୯	ପଥରମୁଣ୍ଡା	୮୬୯	ଘରବାରି-୧	ବେସରକାରୀ	୦.୦୦୪	ନିରୋଡ ଚନ୍ଦ୍ର ସାହୁ, ନିହାର କୁମାର ସାହୁ, ପିତା- ସୁରେଶ ଚନ୍ଦ୍ର ସାହୁ, ଜାତି- ଚଷା, ଗ୍ରାମ- ପଥରମୁଣ୍ଡା
୯୦	ପଥରମୁଣ୍ଡା	୮୬୯/୩୫୫୨	ଘରବାରି-୧	ବେସରକାରୀ	୦.୦୦୪	ନବରାଜ ପ୍ରଧାନ, ପିତା- ଦୁର୍ଯ୍ୟୋଧନ ପ୍ରଧାନ, ଜାତି- ଚଷା, ଗ୍ରାମ- ଉରରସୁଣ୍ଡା, ଥାନା - ଖମାର
୯୧	ପଥରମୁଣ୍ଡା	୮୬୯/୩୫୪୪	ଘରବାରି-୧	ବେସରକାରୀ	୦.୦୦୪	ସୁରେଶ ଚନ୍ଦ୍ର ସାହୁ, ପିତା- ମଦନ ସାହୁ, ଜାତି- ଚଷା, ଗ୍ରାମ- ପଥରମୁଣ୍ଡା
୯୨	ପଥରମୁଣ୍ଡା	୯୫୪	ଶାରଦ-୨	ବେସରକାରୀ	୦.୦୦୪	ଭାଗିରଥୀ ସାହୁ, ପିତା- ଧୋବେ ସାହୁ, ଜାତି- ଚଷା, ଗ୍ରାମ- ପଥରମୁଣ୍ଡା
୯୩	ପଥରମୁଣ୍ଡା	୯୫୪/୩୪୮୩	ଶାରଦ-୩	ବେସରକାରୀ	୦.୦୦୪	ପ୍ରମୋଦ ଚନ୍ଦ୍ର ପ୍ରଧାନ, ପିତା- ଶରତ ଚନ୍ଦ୍ର ପ୍ରଧାନ, ଜାତି- ଚଷା, ଗ୍ରାମ- ପଥରମୁଣ୍ଡା
୯୪	ପଥରମୁଣ୍ଡା	୯୫୪/୩୪୮୪	ଶାରଦ-୩	ବେସରକାରୀ	୦.୦୦୪	ପ୍ରଫୁଲ୍ଲ କୁମାର ପ୍ରଧାନ, ପିତା- ଶରତ ଚନ୍ଦ୍ର ପ୍ରଧାନ, ଜାତି- ଚଷା, ଗ୍ରାମ- ପଥରମୁଣ୍ଡା
୯୫	ପଥରମୁଣ୍ଡା	୧୨୩୭	ଶାରଦ-୩	ବେସରକାରୀ	୦.୦୦୪	ସାଗରୀ ସାହୁ, ସ୍ୱାମୀ- ବିଜୟ କୁମାର ସାହୁ, ଜାତି- ଚଷା, ଗ୍ରାମ- ପଥରମୁଣ୍ଡା
୯୬	ପଥରମୁଣ୍ଡା	୧୨୩୭	ଶାରଦ-୩	ବେସରକାରୀ	୦.୦୦୪	ବିନୋଦ ଚନ୍ଦ୍ର ସାହୁ, ପିତା- ଜଗବନ୍ଧୁ ସାହୁ, ଜାତି- ଚଷା, ଗ୍ରାମ- ପଥରମୁଣ୍ଡା
SEE NEXT
C
M
K
C
M
K
C
M
K
C
M
K
C
M
K
C
M
K
C
M
K
C
M
K
